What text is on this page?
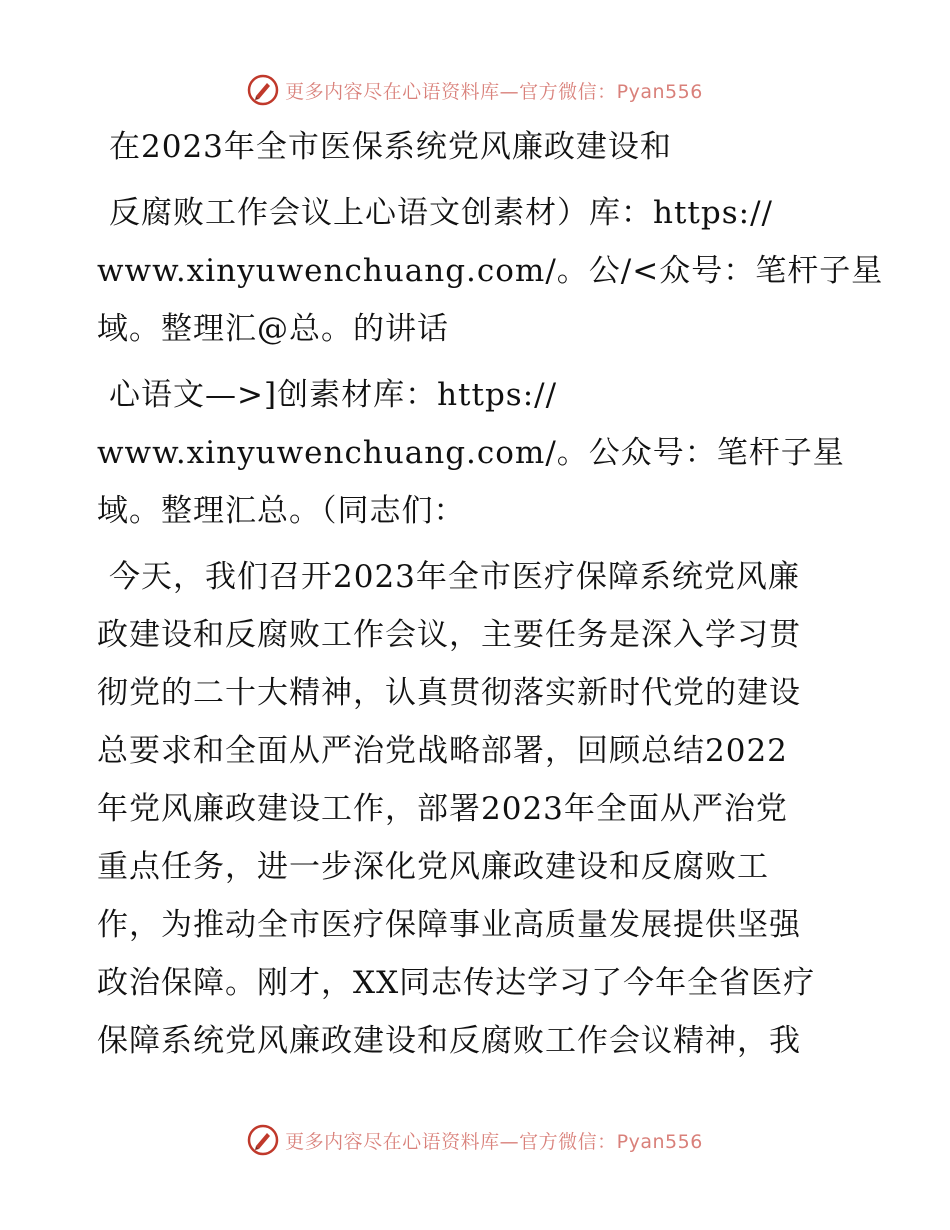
更多内容尽在心语资料库—官方微信：Pyan556
在2023年全市医保系统党风廉政建设和
反腐败工作会议上心语文创素材）库：https://
www.xinyuwenchuang.com/。公/<众号：笔杆子星
域。整理汇@总。的讲话
心语文—>]创素材库：https://
www.xinyuwenchuang.com/。公众号：笔杆子星
域。整理汇总。（同志们：
今天，我们召开2023年全市医疗保障系统党风廉
政建设和反腐败工作会议，主要任务是深入学习贯
彻党的二十大精神，认真贯彻落实新时代党的建设
总要求和全面从严治党战略部署，回顾总结2022
年党风廉政建设工作，部署2023年全面从严治党
重点任务，进一步深化党风廉政建设和反腐败工
作，为推动全市医疗保障事业高质量发展提供坚强
政治保障。刚才，XX同志传达学习了今年全省医疗
保障系统党风廉政建设和反腐败工作会议精神，我
更多内容尽在心语资料库—官方微信：Pyan556
